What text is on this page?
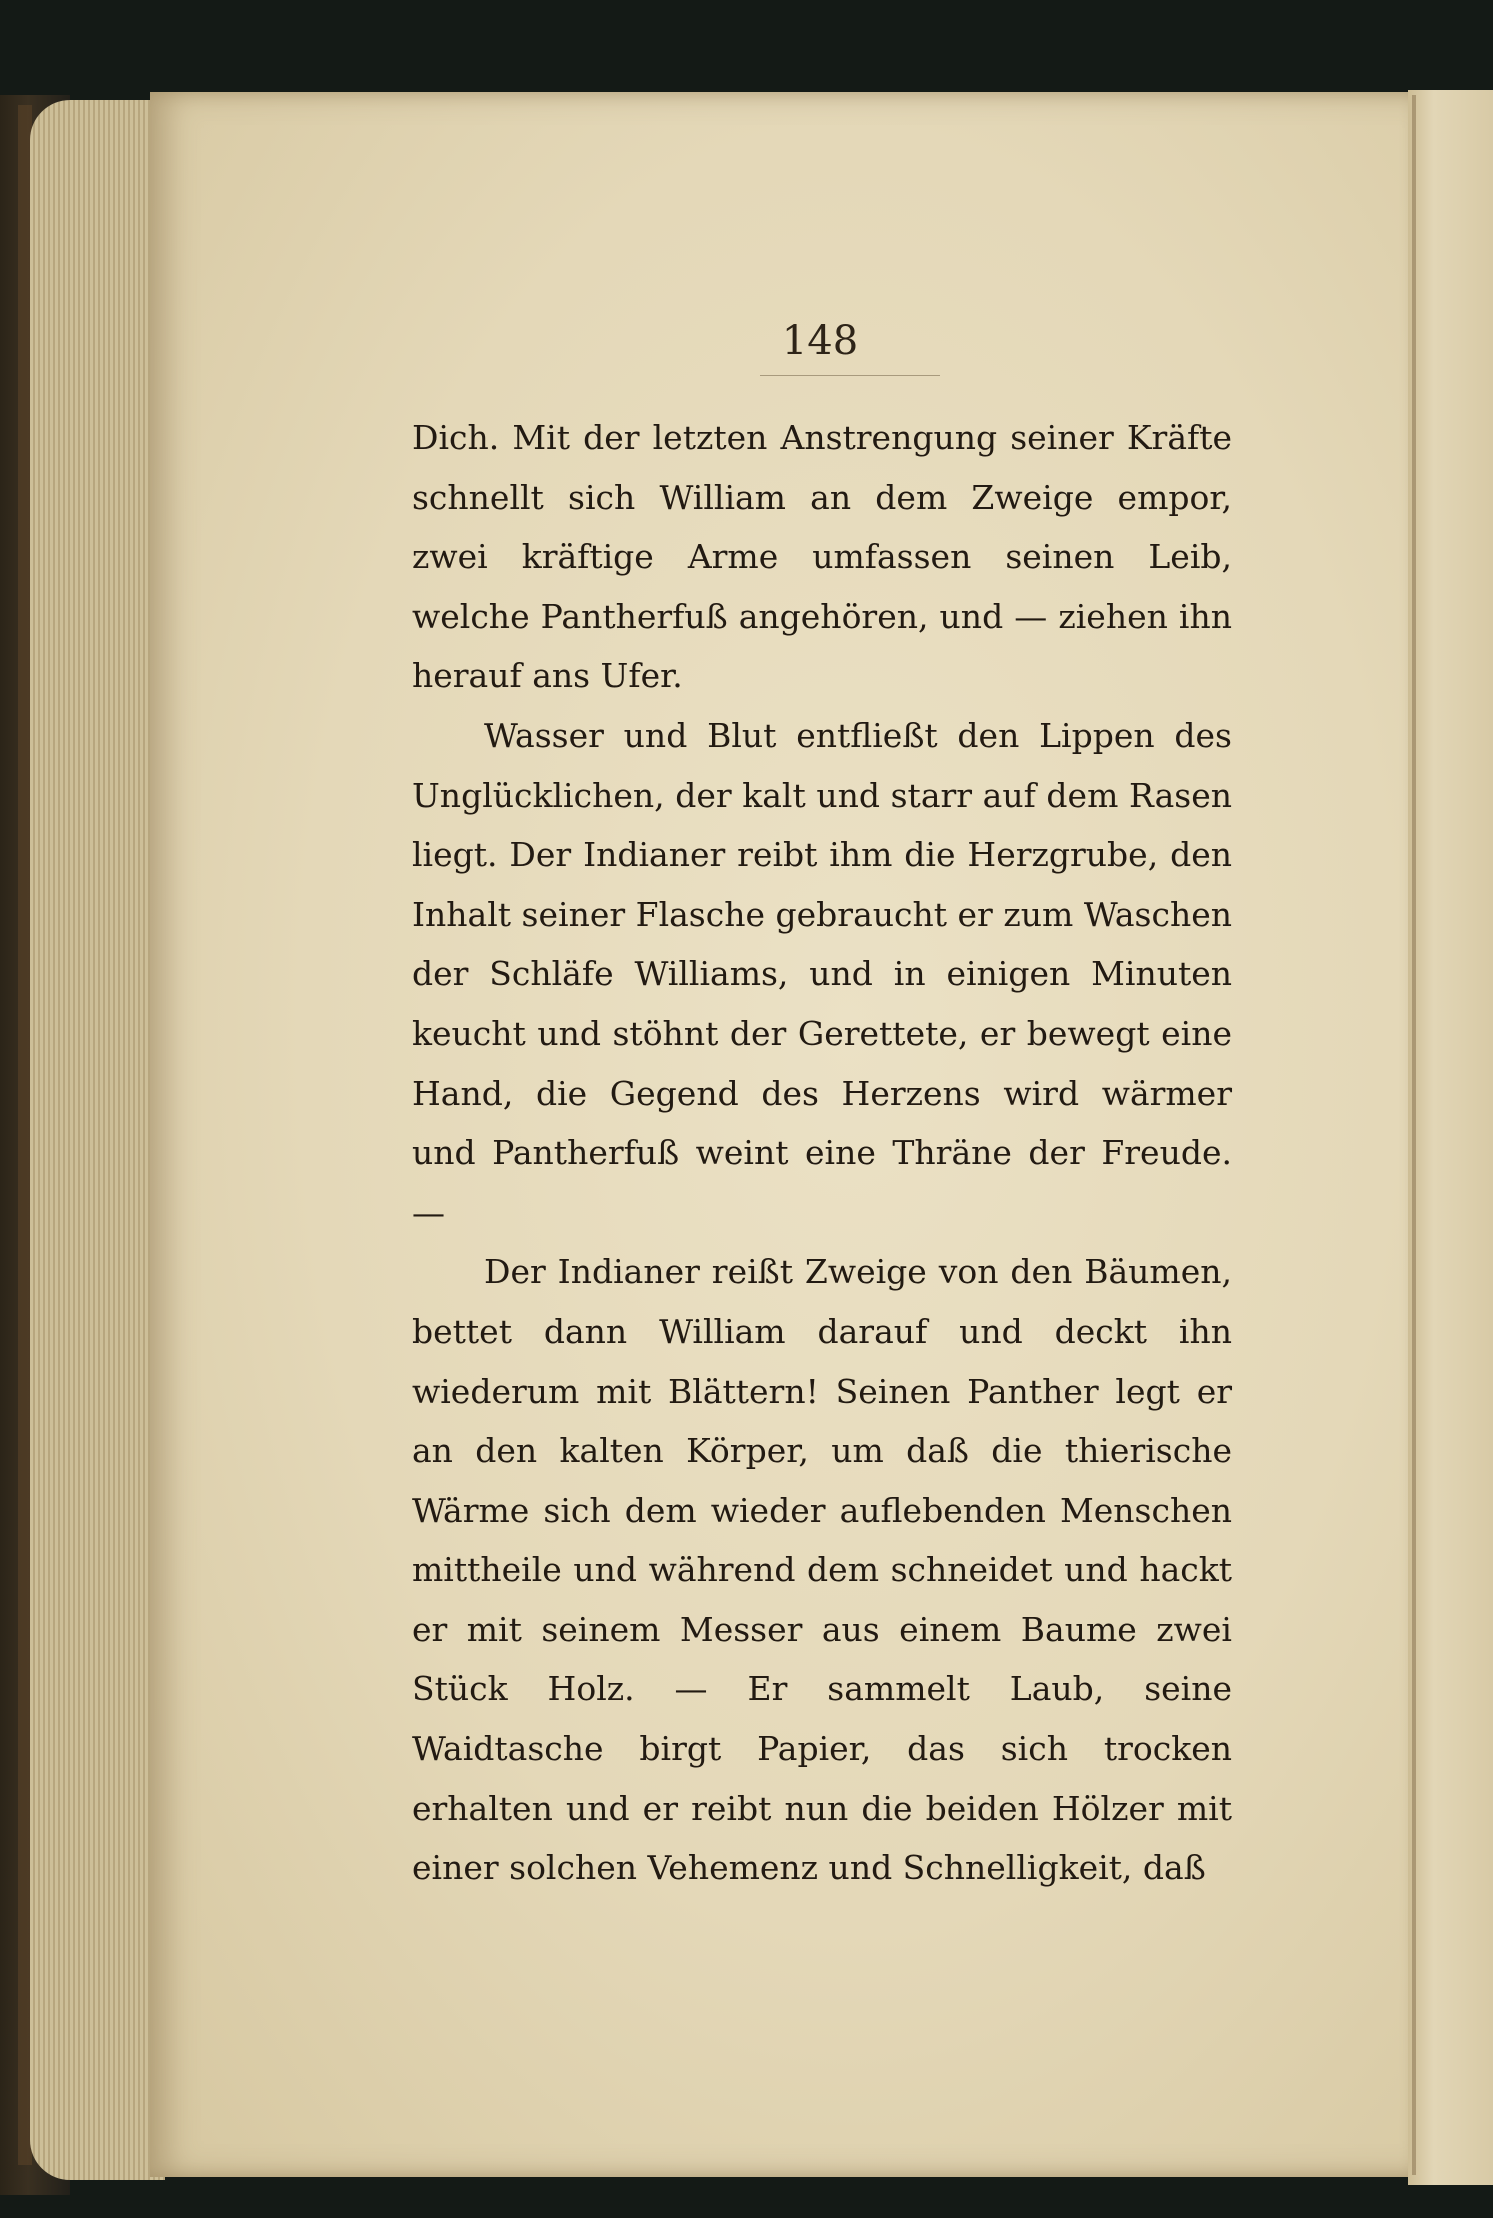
148

Dich. Mit der letzten Anstrengung seiner Kräfte schnellt sich William an dem Zweige empor, zwei kräftige Arme umfassen seinen Leib, welche Pantherfuß angehören, und — ziehen ihn herauf ans Ufer.

Wasser und Blut entfließt den Lippen des Unglücklichen, der kalt und starr auf dem Rasen liegt. Der Indianer reibt ihm die Herzgrube, den Inhalt seiner Flasche gebraucht er zum Waschen der Schläfe Williams, und in einigen Minuten keucht und stöhnt der Gerettete, er bewegt eine Hand, die Gegend des Herzens wird wärmer und Pantherfuß weint eine Thräne der Freude. —

Der Indianer reißt Zweige von den Bäumen, bettet dann William darauf und deckt ihn wiederum mit Blättern! Seinen Panther legt er an den kalten Körper, um daß die thierische Wärme sich dem wieder auflebenden Menschen mittheile und während dem schneidet und hackt er mit seinem Messer aus einem Baume zwei Stück Holz. — Er sammelt Laub, seine Waidtasche birgt Papier, das sich trocken erhalten und er reibt nun die beiden Hölzer mit einer solchen Vehemenz und Schnelligkeit, daß
